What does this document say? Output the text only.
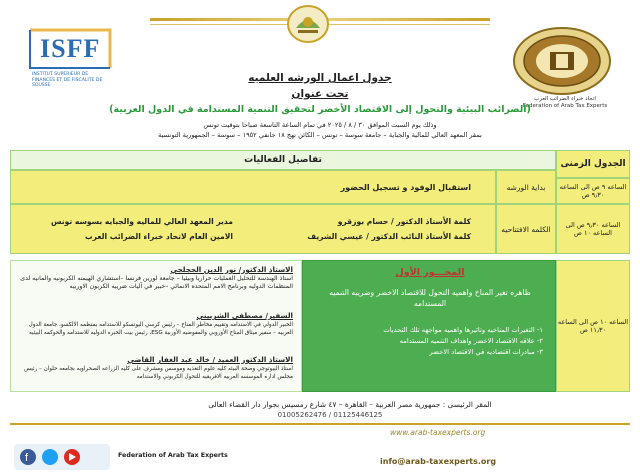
ISFF
INSTITUT SUPERIEUR DE FINANCES ET DE FISCALITE DE SOUSSE
اتحاد خبراء الضرائب العرب
Federation of Arab Tax Experts
جدول اعمال الورشه العلميه
تحت عنوان
(الضرائب البيئية والتحول إلى الاقتصاد الأخضر لتحقيق التنمية المستدامة في الدول العربية)
وذلك يوم السبت الموافق ٣٠ / ٨ / ٢٠٢٥ في تمام الساعة التاسعة صباحا بتوقيت تونس
بمقر المعهد العالي للمالية والجباية – جامعة سوسة – تونس – الكائن نهج ١٨ جانفي ١٩٥٢ – سوسة – الجمهورية التونسية
الجدول الزمنى
تفاصيل الفعاليات
الساعه ٩ ص الى الساعه ٩٫٣٠ ص
بداية الورشه
استقبال الوفود و تسجيل الحضور
الساعه ٩٫٣٠ ص الى الساعه ١٠ ص
الكلمه الافتتاحيه
كلمة الأستاذ الدكتور / حسام بوزقرو
كلمة الأستاذ النائب الدكتور / عيسي الشريف
مدير المعهد العالي للماليه والجبايه بسوسه تونس
الامين العام لاتحاد خبراء الضرائب العرب
الساعه ١٠ ص الى الساعه ١١٫٣٠ ص
المحـــور الأول
ظاهره تغير المناخ واهميه التحول للاقتصاد الاخضر وضريبه التنميه المستدامه
١- التغيرات المناخيه وتاثيرها واهميه مواجهه تلك التحديات
٢- علاقه الاقتصاد الاخضر واهداف التنميه المستدامه
٣- مبادرات اقتصاديه في الاقتصاد الاخضر
الاستاذ الدكتور/ نور الدين الحجلجي
استاذ الهندسة للتحليل العمليات حراريا وبيئيا – جامعة لورين فرنسا –استشاري الهيمنه الكربونيه والمانيه لدى المنظمات الدوليه وبرنامج الامم المتحده الانمائي –خبير في آليات ضريبه الكربون الاوربيه
السفير/ مصطفى الشربيني
الخبير الدولي في الاستدامه وتقييم مخاطر المناخ – رئيس كرسي اليونسكو للاستدامه بمنظمه الالكسو، جامعة الدول العربيه – سفير ميثاق المناخ الأوروبي والمفوضيه الأوربية ESG، رئيس بيت الخبره الدوليه للاستدامه والحوكمه البيئيه
الاستاذ الدكتور العميد / خالد عبد الغفار القاضي
استاذ البيوتوجي وصحة البيئه كليه علوم التغذيه وموسس ومشرف على كليه الزراعه الصحراويه بجامعه حلوان – رئيس مجلس اداره الموسسه العربيه الافريقيه للتحول الكربوني والاستدامه
المقر الرئيسى : جمهورية مصر العربية – القاهرة – ٤٧ شارع رمسيس بجوار دار القضاء العالى
01005262476 / 01125446125
www.arab-taxexperts.org
info@arab-taxexperts.org
f	Federation of Arab Tax Experts
